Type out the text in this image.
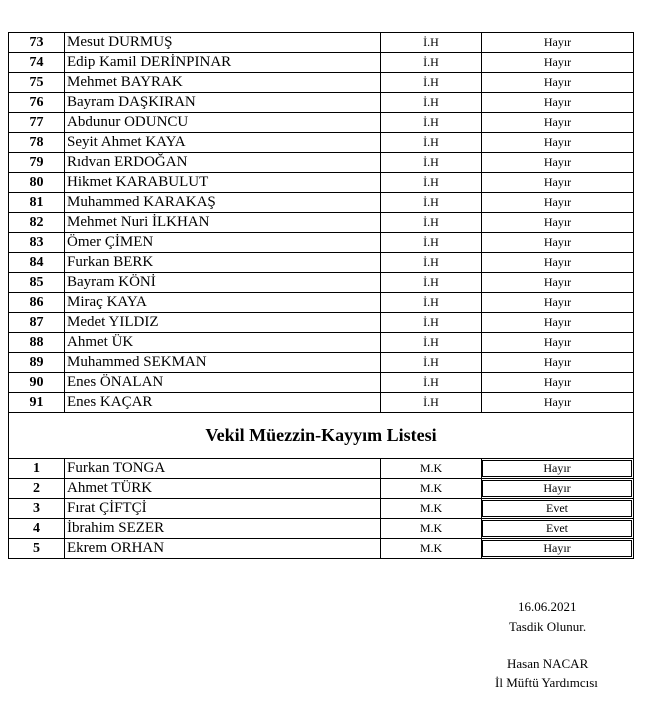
73	Mesut DURMUŞ	İ.H	Hayır
74	Edip Kamil DERİNPINAR	İ.H	Hayır
75	Mehmet BAYRAK	İ.H	Hayır
76	Bayram DAŞKIRAN	İ.H	Hayır
77	Abdunur ODUNCU	İ.H	Hayır
78	Seyit Ahmet KAYA	İ.H	Hayır
79	Rıdvan ERDOĞAN	İ.H	Hayır
80	Hikmet KARABULUT	İ.H	Hayır
81	Muhammed KARAKAŞ	İ.H	Hayır
82	Mehmet Nuri İLKHAN	İ.H	Hayır
83	Ömer ÇİMEN	İ.H	Hayır
84	Furkan BERK	İ.H	Hayır
85	Bayram KÖNİ	İ.H	Hayır
86	Miraç KAYA	İ.H	Hayır
87	Medet YILDIZ	İ.H	Hayır
88	Ahmet ÜK	İ.H	Hayır
89	Muhammed SEKMAN	İ.H	Hayır
90	Enes ÖNALAN	İ.H	Hayır
91	Enes KAÇAR	İ.H	Hayır
Vekil Müezzin-Kayyım Listesi
1	Furkan TONGA	M.K	Hayır
2	Ahmet TÜRK	M.K	Hayır
3	Fırat ÇİFTÇİ	M.K	Evet
4	İbrahim SEZER	M.K	Evet
5	Ekrem ORHAN	M.K	Hayır
16.06.2021
Tasdik Olunur.
Hasan NACAR
İl Müftü Yardımcısı
